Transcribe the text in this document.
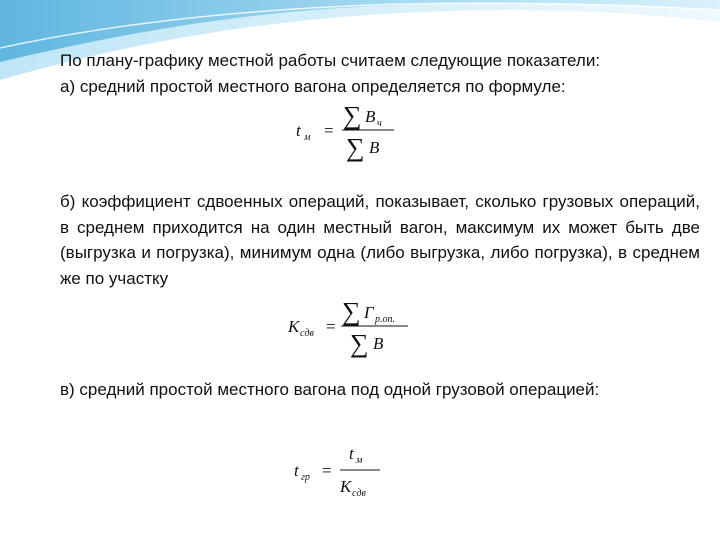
По плану-графику местной работы считаем следующие показатели:
а) средний простой местного вагона определяется по формуле:

t м =
∑ B ч
∑ B

б) коэффициент сдвоенных операций, показывает, сколько грузовых операций, в среднем приходится на один местный вагон, максимум их может быть две (выгрузка и погрузка), минимум одна (либо выгрузка, либо погрузка), в среднем же по участку

K сдв =
∑ Г р.оп.
∑ B

в) средний простой местного вагона под одной грузовой операцией:

t гр =
t м
K сдв
